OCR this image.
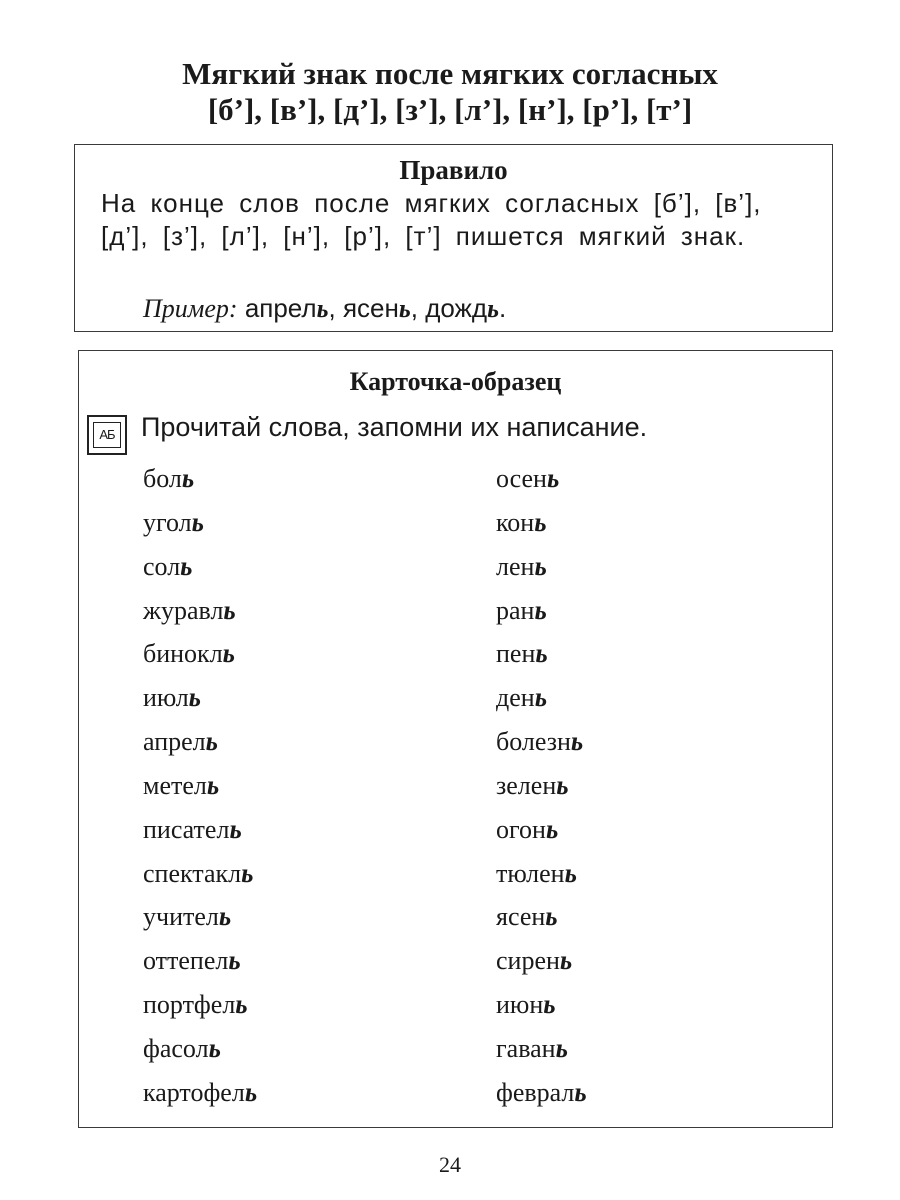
Мягкий знак после мягких согласных
[б’], [в’], [д’], [з’], [л’], [н’], [р’], [т’]
Правило
На конце слов после мягких согласных [б’], [в’], [д’], [з’], [л’], [н’], [р’], [т’] пишется мягкий знак.
Пример: апрель, ясень, дождь.
Карточка-образец
АБ Прочитай слова, запомни их написание.
боль
уголь
соль
журавль
бинокль
июль
апрель
метель
писатель
спектакль
учитель
оттепель
портфель
фасоль
картофель
осень
конь
лень
рань
пень
день
болезнь
зелень
огонь
тюлень
ясень
сирень
июнь
гавань
февраль
24
